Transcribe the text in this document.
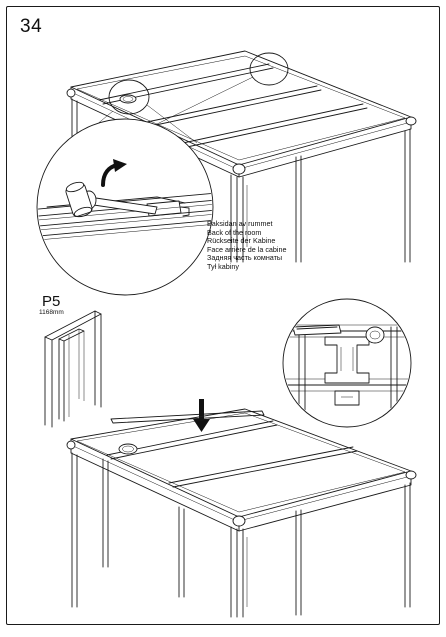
34
Baksidan av rummet
Back of the room
Rückseite der Kabine
Face arrière de la cabine
Задняя часть комнаты
Tył kabiny
P5
1168mm
